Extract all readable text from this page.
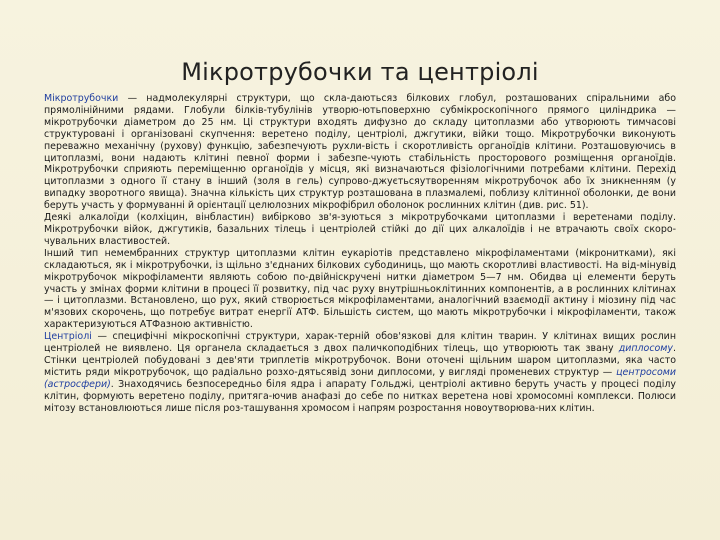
Мікротрубочки та центріолі

Мікротрубочки — надмолекулярні структури, що скла-даютьсяз білкових глобул, розташованих спіральними або прямолінійними рядами. Глобули білків-тубулінів утворю-ютьповерхню субмікроскопічного прямого циліндрика — мікротрубочки діаметром до 25 нм. Ці структури входять дифузно до складу цитоплазми або утворюють тимчасові структуровані і організовані скупчення: веретено поділу, центріолі, джгутики, війки тощо. Мікротрубочки виконують переважно механічну (рухову) функцію, забезпечують рухли-вість і скоротливість органоїдів клітини. Розташовуючись в цитоплазмі, вони надають клітині певної форми і забезпе-чують стабільність просторового розміщення органоїдів. Мікротрубочки сприяють переміщенню органоїдів у місця, які визначаються фізіологічними потребами клітини. Перехід цитоплазми з одного її стану в інший (золя в гель) супрово-джуєтьсяутворенням мікротрубочок або їх зникненням (у випадку зворотного явища). Значна кількість цих структур розташована в плазмалемі, поблизу клітинної оболонки, де вони беруть участь у формуванні й орієнтації целюлозних мікрофібрил оболонок рослинних клітин (див. рис. 51).

Деякі алкалоїди (колхіцин, вінбластин) вибірково зв'я-зуються з мікротрубочками цитоплазми і веретенами поділу. Мікротрубочки війок, джгутиків, базальних тілець і центріолей стійкі до дії цих алкалоїдів і не втрачають своїх скоро-чувальних властивостей.

Інший тип немембранних структур цитоплазми клітин еукаріотів представлено мікрофіламентами (мікронитками), які складаються, як і мікротрубочки, із щільно з'єднаних білкових субодиниць, що мають скоротливі властивості. На від-мінувід мікротрубочок мікрофіламенти являють собою по-двійніскручені нитки діаметром 5—7 нм. Обидва ці елементи беруть участь у змінах форми клітини в процесі її розвитку, під час руху внутрішньоклітинних компонентів, а в рослинних клітинах — і цитоплазми. Встановлено, що рух, який створюється мікрофіламентами, аналогічний взаємодії актину і міозину під час м'язових скорочень, що потребує витрат енергії АТФ. Більшість систем, що мають мікротрубочки і мікрофіламенти, також характеризуються АТФазною активністю.

Центріолі — специфічні мікроскопічні структури, харак-терній обов'язкові для клітин тварин. У клітинах вищих рослин центріолей не виявлено. Ця органела складається з двох паличкоподібних тілець, що утворюють так звану диплосому. Стінки центріолей побудовані з дев'яти триплетів мікротрубочок. Вони оточені щільним шаром цитоплазми, яка часто містить ряди мікротрубочок, що радіально розхо-дятьсявід зони диплосоми, у вигляді променевих структур — центросоми (астросфери). Знаходячись безпосередньо біля ядра і апарату Гольджі, центріолі активно беруть участь у процесі поділу клітин, формують веретено поділу, притяга-ючив анафазі до себе по нитках веретена нові хромосомні комплекси. Полюси мітозу встановлюються лише після роз-ташування хромосом і напрям розростання новоутворюва-них клітин.
